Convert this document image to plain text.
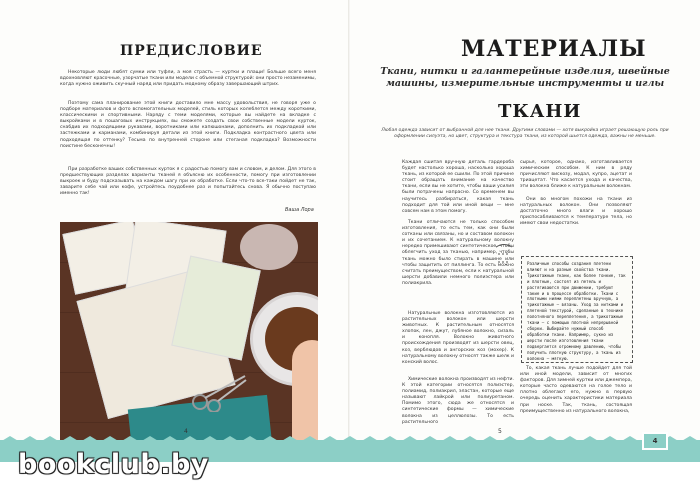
ПРЕДИСЛОВИЕ

Некоторые люди любят сумки или туфли, а моя страсть — куртки и плащи! Больше всего меня вдохновляют красочные, узорчатые ткани или модели с объемной структурой: они просто незаменимы, когда нужно оживить скучный наряд или придать модному образу завершающий штрих.

Поэтому сама планирование этой книги доставило мне массу удовольствия, не говоря уже о подборе материалов и фото вспомогательных моделей, стиль которых колеблется между короткими, классическими и спортивными. Наряду с теми моделями, которые вы найдете на вкладке с выкройками и в пошаговых инструкциях, вы сможете создать свои собственные модели курток, снабдив их подходящими рукавами, воротниками или капюшонами, дополнить их подкладкой или застежками и карманами, комбинируя детали из этой книги. Подкладка контрастного цвета или подходящая по оттенку? Тесьма по внутренней стороне или стеганая подкладка? Возможности поистине бесконечны!

При разработке ваших собственных курток я с радостью помогу вам и словом, и делом. Для этого в предшествующих разделах варианты тканей я объясню их особенности, помогу при изготовлении выкроек и буду подсказывать на каждом шагу при их обработке. Если что-то все-таки пойдет не так, заварите себе чай или кофе, устройтесь поудобнее раз и попытайтесь снова. Я обычно поступаю именно так!

Ваша Лора
4
МАТЕРИАЛЫ
Ткани, нитки и галантерейные изделия, швейные машины, измерительные инструменты и иглы
ТКАНИ
Любая одежда зависит от выбранной для нее ткани. Другими словами — хотя выкройка играет решающую роль при оформлении силуэта, но цвет, структура и текстура ткани, из которой шьется одежда, важны не меньше.

Каждая сшитая вручную деталь гардероба будет настолько хороша, насколько хороша ткань, из которой ее сшили. По этой причине стоит обращать внимание на качество ткани, если вы не хотите, чтобы ваши усилия были потрачены напрасно. Со временем вы научитесь разбираться, какая ткань подходит для той или иной вещи — мне совсем нам в этом помогу.

Ткани отличаются не только способом изготовления, то есть тем, как они были сотканы или связаны, но и составом волокон и их сочетанием. К натуральному волокну нередко примешивают синтетическое, чтобы облегчить уход за тканью, например, чтобы ткань можно было стирать в машине или чтобы защитить от пиллинга. То есть можно считать преимуществом, если к натуральной шерсти добавили немного полиэстера или полиакрила.

Натуральные волокна изготовляются из растительных волокон или шерсти животных. К растительным относятся хлопок, лен, джут, лубяное волокно, сизаль и конопля. Волокно животного происхождения производят из шерсти овец, коз, верблюдов и ангорских коз (мохер). К натуральному волокну относят также шелк и конский волос.

Химические волокна производят из нефти. К этой категории относятся полиэстер, полиамид, полиакрил, эластан, которые еще называют лайкрой или полиуретаном. Помимо этого, сюда же относятся и синтетические формы — химические волокна из целлюлозы. То есть растительного

сырья, которое, однако, изготавливается химическим способом. К ним в ряду причисляют вискозу, модал, купро, ацетат и триацетат. Что касается ухода и качества, эти волокна ближе к натуральным волокнам.

Они во многом похожи на ткани из натуральных волокон. Они позволяют достаточно много влаги и хорошо приспосабливаются к температуре тела, но имеют свои недостатки.

То, какая ткань лучше подойдет для той или иной модели, зависит от многих факторов. Для зимней куртки или джемпера, которые часто одеваются на голое тело и плотно облегают его, нужно в первую очередь оценить характеристики материала при носке. Так, ткань, состоящая преимущественно из натурального волокна,

5

Различные способы создания плетени влияют и на разные свойства ткани. Трикотажные ткани, как более тонкие, так и плотные, состоят из петель и растягиваются при движении, требуют такие и в процессе обработки. Ткани с плотными ниями переплетены вручную, а трикотажные — вязаны. Уход за нитками и плетеной текстурой, сделанные в технике полотняного переплетения, а трикотажные ткани — с помощью плотной непрерывной сборки. Выбирайте нужный способ обработки ткани. Например, сукно из шерсти после изготовления ткани подвергается огромному давлению, чтобы получить плотную структуру, а ткань из волокна — мягкую.

4
bookclub.by
